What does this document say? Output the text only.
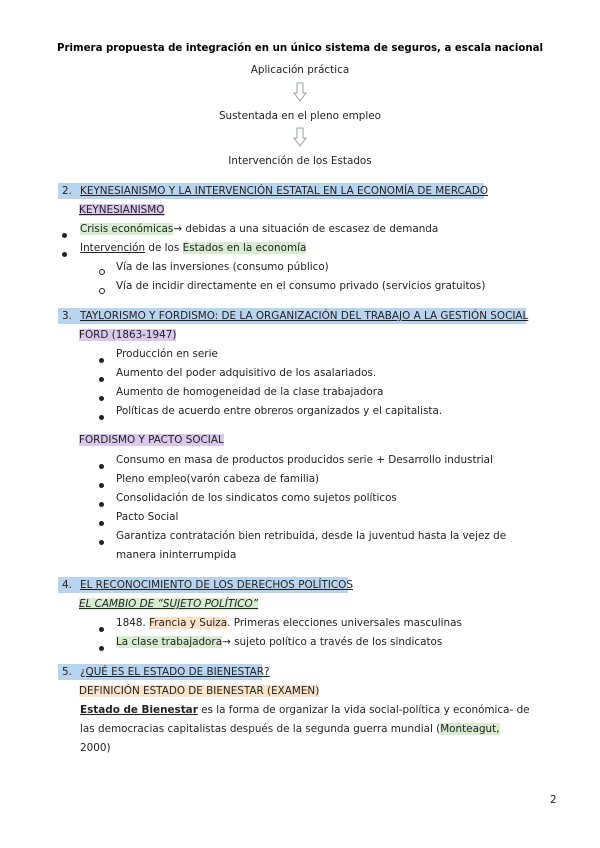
Primera propuesta de integración en un único sistema de seguros, a escala nacional
Aplicación práctica
Sustentada en el pleno empleo
Intervención de los Estados
2. KEYNESIANISMO Y LA INTERVENCIÓN ESTATAL EN LA ECONOMÍA DE MERCADO
KEYNESIANISMO
Crisis económicas→ debidas a una situación de escasez de demanda
Intervención de los Estados en la economía
Vía de las inversiones (consumo público)
Vía de incidir directamente en el consumo privado (servicios gratuitos)
3. TAYLORISMO Y FORDISMO: DE LA ORGANIZACIÓN DEL TRABAJO A LA GESTIÓN SOCIAL
FORD (1863-1947)
Producción en serie
Aumento del poder adquisitivo de los asalariados.
Aumento de homogeneidad de la clase trabajadora
Políticas de acuerdo entre obreros organizados y el capitalista.
FORDISMO Y PACTO SOCIAL
Consumo en masa de productos producidos serie + Desarrollo industrial
Pleno empleo(varón cabeza de familia)
Consolidación de los sindicatos como sujetos políticos
Pacto Social
Garantiza contratación bien retribuida, desde la juventud hasta la vejez de
manera ininterrumpida
4. EL RECONOCIMIENTO DE LOS DERECHOS POLÍTICOS
EL CAMBIO DE “SUJETO POLÍTICO”
1848. Francia y Suiza. Primeras elecciones universales masculinas
La clase trabajadora→ sujeto político a través de los sindicatos
5. ¿QUÉ ES EL ESTADO DE BIENESTAR?
DEFINICIÓN ESTADO DE BIENESTAR (EXAMEN)
Estado de Bienestar es la forma de organizar la vida social-política y económica- de
las democracias capitalistas después de la segunda guerra mundial (Monteagut,
2000)
2
